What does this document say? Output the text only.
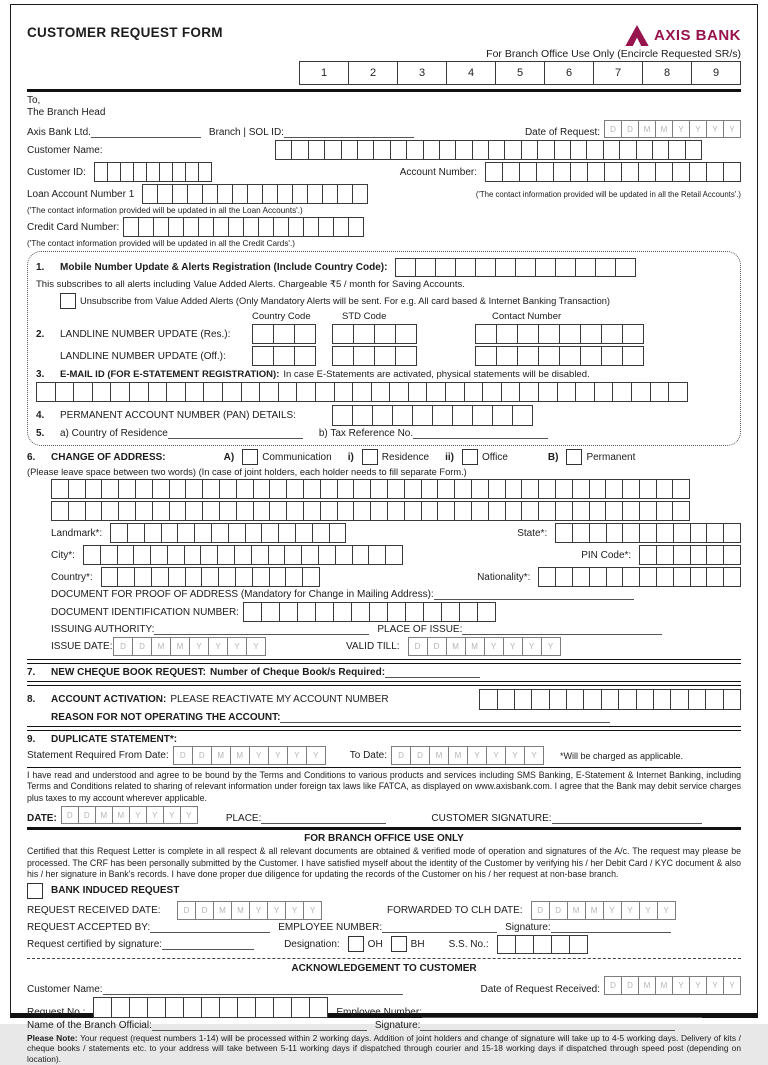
CUSTOMER REQUEST FORM	AXIS BANK
For Branch Office Use Only (Encircle Requested SR/s)
1	2	3	4	5	6	7	8	9
To,
The Branch Head
Axis Bank Ltd.	Branch | SOL ID:	Date of Request:	D	D	M	M	Y	Y	Y	Y
Customer Name:
Customer ID:	Account Number:
Loan Account Number 1	('The contact information provided will be updated in all the Retail Accounts'.)
('The contact information provided will be updated in all the Loan Accounts'.)
Credit Card Number:
('The contact information provided will be updated in all the Credit Cards'.)
1.	Mobile Number Update & Alerts Registration (Include Country Code):
This subscribes to all alerts including Value Added Alerts. Chargeable ₹5 / month for Saving Accounts.
Unsubscribe from Value Added Alerts (Only Mandatory Alerts will be sent. For e.g. All card based & Internet Banking Transaction)
Country Code	STD Code	Contact Number
2.	LANDLINE NUMBER UPDATE (Res.):
LANDLINE NUMBER UPDATE (Off.):
3.	E-MAIL ID (FOR E-STATEMENT REGISTRATION): In case E-Statements are activated, physical statements will be disabled.
4.	PERMANENT ACCOUNT NUMBER (PAN) DETAILS:
5.	a) Country of Residence	b) Tax Reference No.
6.	CHANGE OF ADDRESS:	A)	Communication i)	Residence ii)	Office	B)	Permanent
(Please leave space between two words) (In case of joint holders, each holder needs to fill separate Form.)
Landmark*:	State*:
City*:	PIN Code*:
Country*:	Nationality*:
DOCUMENT FOR PROOF OF ADDRESS (Mandatory for Change in Mailing Address):
DOCUMENT IDENTIFICATION NUMBER:
ISSUING AUTHORITY:	PLACE OF ISSUE:
ISSUE DATE: D	D	M	M	Y	Y	Y	Y	VALID TILL:	D	D	M	M	Y	Y	Y	Y
7.	NEW CHEQUE BOOK REQUEST: Number of Cheque Book/s Required:
8.	ACCOUNT ACTIVATION: PLEASE REACTIVATE MY ACCOUNT NUMBER
REASON FOR NOT OPERATING THE ACCOUNT:
9.	DUPLICATE STATEMENT*:
Statement Required From Date:	D	D	M	M	Y	Y	Y	Y	To Date:	D	D	M	M	Y	Y	Y	Y	*Will be charged as applicable.
I have read and understood and agree to be bound by the Terms and Conditions to various products and services including SMS Banking, E-Statement & Internet Banking, including Terms and Conditions related to sharing of relevant information under foreign tax laws like FATCA, as displayed on www.axisbank.com. I agree that the Bank may debit service charges plus taxes to my account wherever applicable.
DATE:	D	D	M	M	Y	Y	Y	Y	PLACE:	CUSTOMER SIGNATURE:
FOR BRANCH OFFICE USE ONLY
Certified that this Request Letter is complete in all respect & all relevant documents are obtained & verified mode of operation and signatures of the A/c. The request may please be processed. The CRF has been personally submitted by the Customer. I have satisfied myself about the identity of the Customer by verifying his / her Debit Card / KYC document & also his / her signature in Bank's records. I have done proper due diligence for updating the records of the Customer on his / her request at non-base branch.
BANK INDUCED REQUEST
REQUEST RECEIVED DATE:	D	D	M	M	Y	Y	Y	Y	FORWARDED TO CLH DATE:	D	D	M	M	Y	Y	Y	Y
REQUEST ACCEPTED BY:	EMPLOYEE NUMBER:	Signature:
Request certified by signature:	Designation:	OH	BH S.S. No.:
ACKNOWLEDGEMENT TO CUSTOMER
Customer Name:	Date of Request Received:	D	D	M	M	Y	Y	Y	Y
Request No.:	Employee Number:
Name of the Branch Official:	Signature:
Please Note: Your request (request numbers 1-14) will be processed within 2 working days. Addition of joint holders and change of signature will take up to 4-5 working days. Delivery of kits / cheque books / statements etc. to your address will take between 5-11 working days if dispatched through courier and 15-18 working days if dispatched through speed post (depending on location).
